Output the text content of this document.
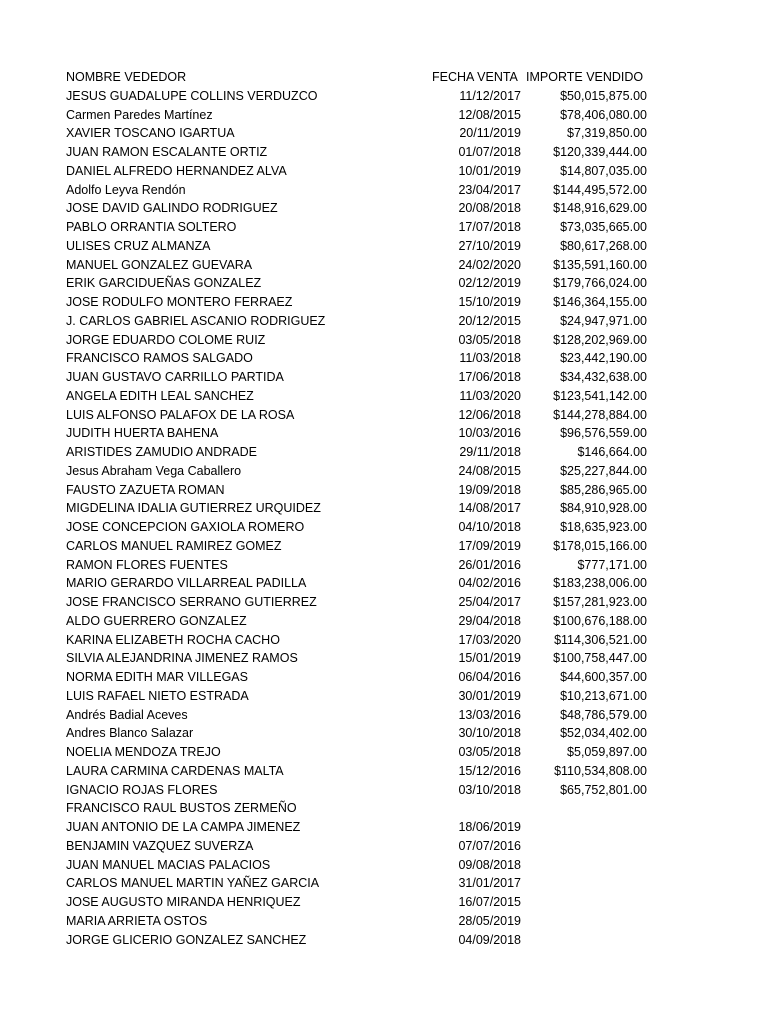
NOMBRE VEDEDOR	FECHA VENTA IMPORTE VENDIDO
JESUS GUADALUPE COLLINS VERDUZCO	11/12/2017	$50,015,875.00
Carmen Paredes Martínez	12/08/2015	$78,406,080.00
XAVIER TOSCANO IGARTUA	20/11/2019	$7,319,850.00
JUAN RAMON ESCALANTE ORTIZ	01/07/2018	$120,339,444.00
DANIEL ALFREDO HERNANDEZ ALVA	10/01/2019	$14,807,035.00
Adolfo Leyva Rendón	23/04/2017	$144,495,572.00
JOSE DAVID GALINDO RODRIGUEZ	20/08/2018	$148,916,629.00
PABLO ORRANTIA SOLTERO	17/07/2018	$73,035,665.00
ULISES CRUZ ALMANZA	27/10/2019	$80,617,268.00
MANUEL GONZALEZ GUEVARA	24/02/2020	$135,591,160.00
ERIK GARCIDUEÑAS GONZALEZ	02/12/2019	$179,766,024.00
JOSE RODULFO MONTERO FERRAEZ	15/10/2019	$146,364,155.00
J. CARLOS GABRIEL ASCANIO RODRIGUEZ	20/12/2015	$24,947,971.00
JORGE EDUARDO COLOME RUIZ	03/05/2018	$128,202,969.00
FRANCISCO RAMOS SALGADO	11/03/2018	$23,442,190.00
JUAN GUSTAVO CARRILLO PARTIDA	17/06/2018	$34,432,638.00
ANGELA EDITH LEAL SANCHEZ	11/03/2020	$123,541,142.00
LUIS ALFONSO PALAFOX DE LA ROSA	12/06/2018	$144,278,884.00
JUDITH HUERTA BAHENA	10/03/2016	$96,576,559.00
ARISTIDES ZAMUDIO ANDRADE	29/11/2018	$146,664.00
Jesus Abraham Vega Caballero	24/08/2015	$25,227,844.00
FAUSTO ZAZUETA ROMAN	19/09/2018	$85,286,965.00
MIGDELINA IDALIA GUTIERREZ URQUIDEZ	14/08/2017	$84,910,928.00
JOSE CONCEPCION GAXIOLA ROMERO	04/10/2018	$18,635,923.00
CARLOS MANUEL RAMIREZ GOMEZ	17/09/2019	$178,015,166.00
RAMON FLORES FUENTES	26/01/2016	$777,171.00
MARIO GERARDO VILLARREAL PADILLA	04/02/2016	$183,238,006.00
JOSE FRANCISCO SERRANO GUTIERREZ	25/04/2017	$157,281,923.00
ALDO GUERRERO GONZALEZ	29/04/2018	$100,676,188.00
KARINA ELIZABETH ROCHA CACHO	17/03/2020	$114,306,521.00
SILVIA ALEJANDRINA JIMENEZ RAMOS	15/01/2019	$100,758,447.00
NORMA EDITH MAR VILLEGAS	06/04/2016	$44,600,357.00
LUIS RAFAEL NIETO ESTRADA	30/01/2019	$10,213,671.00
Andrés Badial Aceves	13/03/2016	$48,786,579.00
Andres Blanco Salazar	30/10/2018	$52,034,402.00
NOELIA MENDOZA TREJO	03/05/2018	$5,059,897.00
LAURA CARMINA CARDENAS MALTA	15/12/2016	$110,534,808.00
IGNACIO ROJAS FLORES	03/10/2018	$65,752,801.00
FRANCISCO RAUL BUSTOS ZERMEÑO
JUAN ANTONIO DE LA CAMPA JIMENEZ	18/06/2019
BENJAMIN VAZQUEZ SUVERZA	07/07/2016
JUAN MANUEL MACIAS PALACIOS	09/08/2018
CARLOS MANUEL MARTIN YAÑEZ GARCIA	31/01/2017
JOSE AUGUSTO MIRANDA HENRIQUEZ	16/07/2015
MARIA ARRIETA OSTOS	28/05/2019
JORGE GLICERIO GONZALEZ SANCHEZ	04/09/2018
